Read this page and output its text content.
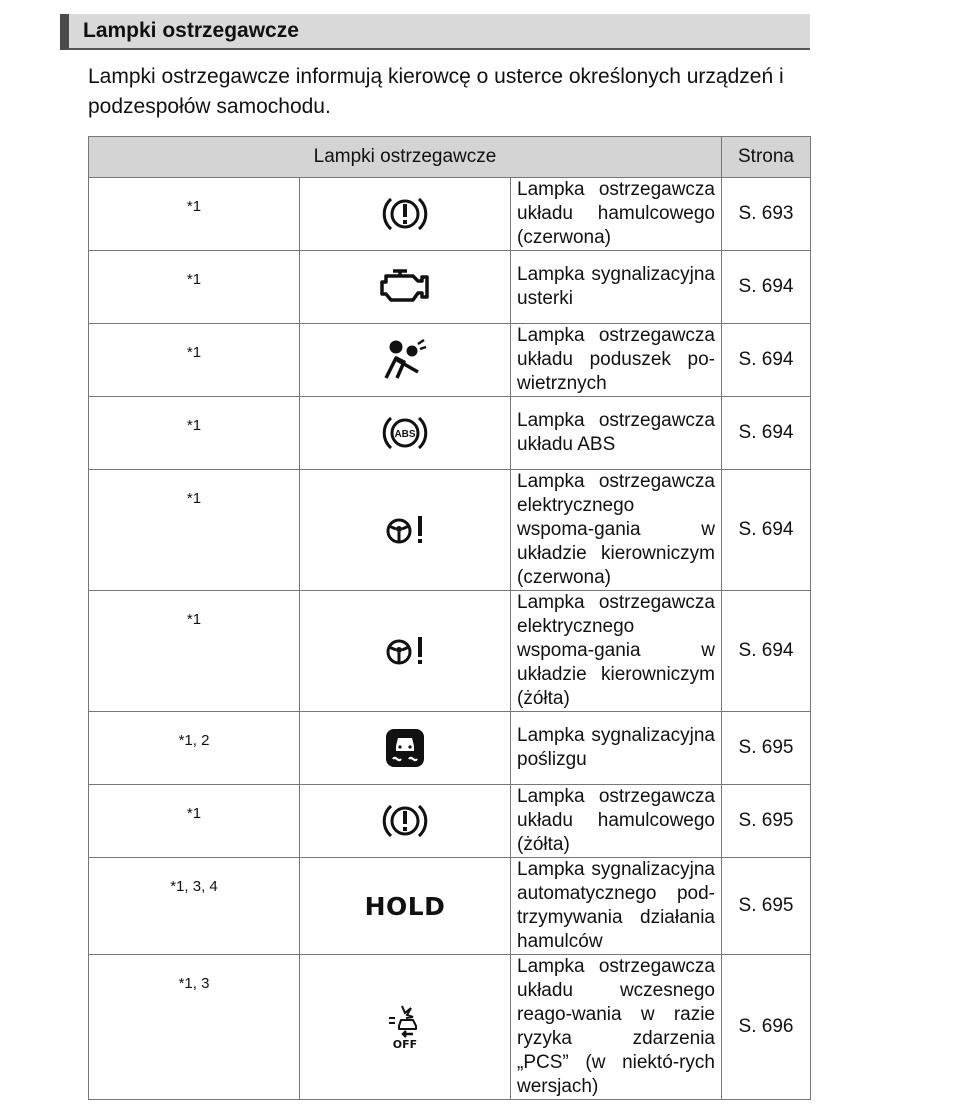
Lampki ostrzegawcze
Lampki ostrzegawcze informują kierowcę o usterce określonych urządzeń i podzespołów samochodu.
Lampki ostrzegawcze			Strona
*1		Lampka ostrzegawcza układu hamulcowego (czerwona)	S. 693
*1		Lampka sygnalizacyjna usterki	S. 694
*1		Lampka ostrzegawcza układu poduszek po-wietrznych	S. 694
*1	ABS	Lampka ostrzegawcza układu ABS	S. 694
*1		Lampka ostrzegawcza elektrycznego wspoma-gania w układzie kierowniczym (czerwona)	S. 694
*1		Lampka ostrzegawcza elektrycznego wspoma-gania w układzie kierowniczym (żółta)	S. 694
*1, 2		Lampka sygnalizacyjna poślizgu	S. 695
*1		Lampka ostrzegawcza układu hamulcowego (żółta)	S. 695
*1, 3, 4	HOLD	Lampka sygnalizacyjna automatycznego pod-trzymywania działania hamulców	S. 695
*1, 3	OFF	Lampka ostrzegawcza układu wczesnego reago-wania w razie ryzyka zdarzenia „PCS” (w niektó-rych wersjach)	S. 696
